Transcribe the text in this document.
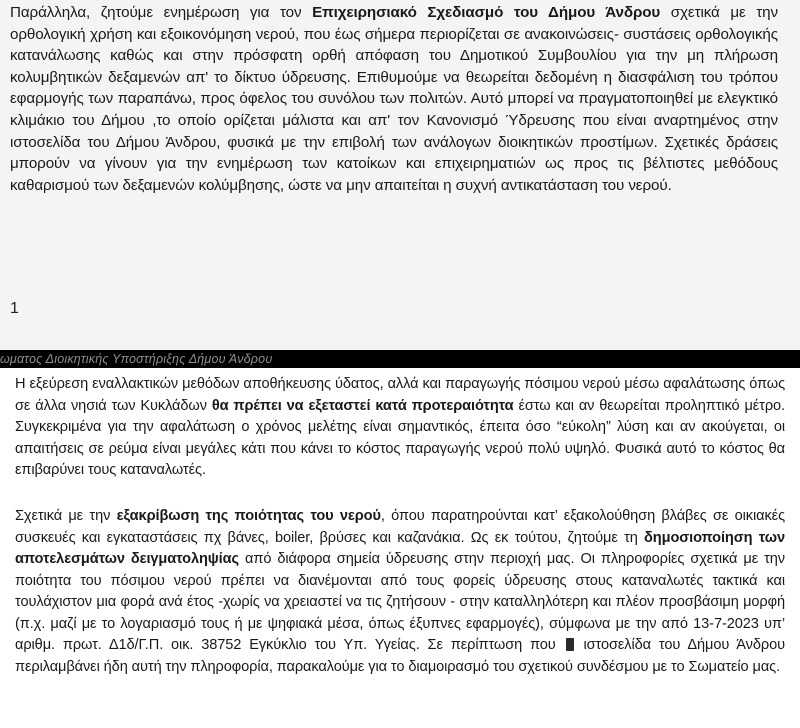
Παράλληλα, ζητούμε ενημέρωση για τον Επιχειρησιακό Σχεδιασμό του Δήμου Άνδρου σχετικά με την ορθολογική χρήση και εξοικονόμηση νερού, που έως σήμερα περιορίζεται σε ανακοινώσεις- συστάσεις ορθολογικής κατανάλωσης καθώς και στην πρόσφατη ορθή απόφαση του Δημοτικού Συμβουλίου για την μη πλήρωση κολυμβητικών δεξαμενών απ' το δίκτυο ύδρευσης. Επιθυμούμε να θεωρείται δεδομένη η διασφάλιση του τρόπου εφαρμογής των παραπάνω, προς όφελος του συνόλου των πολιτών. Αυτό μπορεί να πραγματοποιηθεί με ελεγκτικό κλιμάκιο του Δήμου ,το οποίο ορίζεται μάλιστα και απ' τον Κανονισμό Ύδρευσης που είναι αναρτημένος στην ιστοσελίδα του Δήμου Άνδρου, φυσικά με την επιβολή των ανάλογων διοικητικών προστίμων. Σχετικές δράσεις μπορούν να γίνουν για την ενημέρωση των κατοίκων και επιχειρηματιών ως προς τις βέλτιστες μεθόδους καθαρισμού των δεξαμενών κολύμβησης, ώστε να μην απαιτείται η συχνή αντικατάσταση του νερού.

1
ωματος Διοικητικής Υποστήριξης Δήμου Άνδρου

Η εξεύρεση εναλλακτικών μεθόδων αποθήκευσης ύδατος, αλλά και παραγωγής πόσιμου νερού μέσω αφαλάτωσης όπως σε άλλα νησιά των Κυκλάδων θα πρέπει να εξεταστεί κατά προτεραιότητα έστω και αν θεωρείται προληπτικό μέτρο. Συγκεκριμένα για την αφαλάτωση ο χρόνος μελέτης είναι σημαντικός, έπειτα όσο “εύκολη” λύση και αν ακούγεται, οι απαιτήσεις σε ρεύμα είναι μεγάλες κάτι που κάνει το κόστος παραγωγής νερού πολύ υψηλό. Φυσικά αυτό το κόστος θα επιβαρύνει τους καταναλωτές.

Σχετικά με την εξακρίβωση της ποιότητας του νερού, όπου παρατηρούνται κατ’ εξακολούθηση βλάβες σε οικιακές συσκευές και εγκαταστάσεις πχ βάνες, boiler, βρύσες και καζανάκια. Ως εκ τούτου, ζητούμε τη δημοσιοποίηση των αποτελεσμάτων δειγματοληψίας από διάφορα σημεία ύδρευσης στην περιοχή μας. Οι πληροφορίες σχετικά με την ποιότητα του πόσιμου νερού πρέπει να διανέμονται από τους φορείς ύδρευσης στους καταναλωτές τακτικά και τουλάχιστον μια φορά ανά έτος -χωρίς να χρειαστεί να τις ζητήσουν - στην καταλληλότερη και πλέον προσβάσιμη μορφή (π.χ. μαζί με το λογαριασμό τους ή με ψηφιακά μέσα, όπως έξυπνες εφαρμογές), σύμφωνα με την από 13-7-2023 υπ’ αριθμ. πρωτ. Δ1δ/Γ.Π. οικ. 38752 Εγκύκλιο του Υπ. Υγείας. Σε περίπτωση που  ιστοσελίδα του Δήμου Άνδρου περιλαμβάνει ήδη αυτή την πληροφορία, παρακαλούμε για το διαμοιρασμό του σχετικού συνδέσμου με το Σωματείο μας.
